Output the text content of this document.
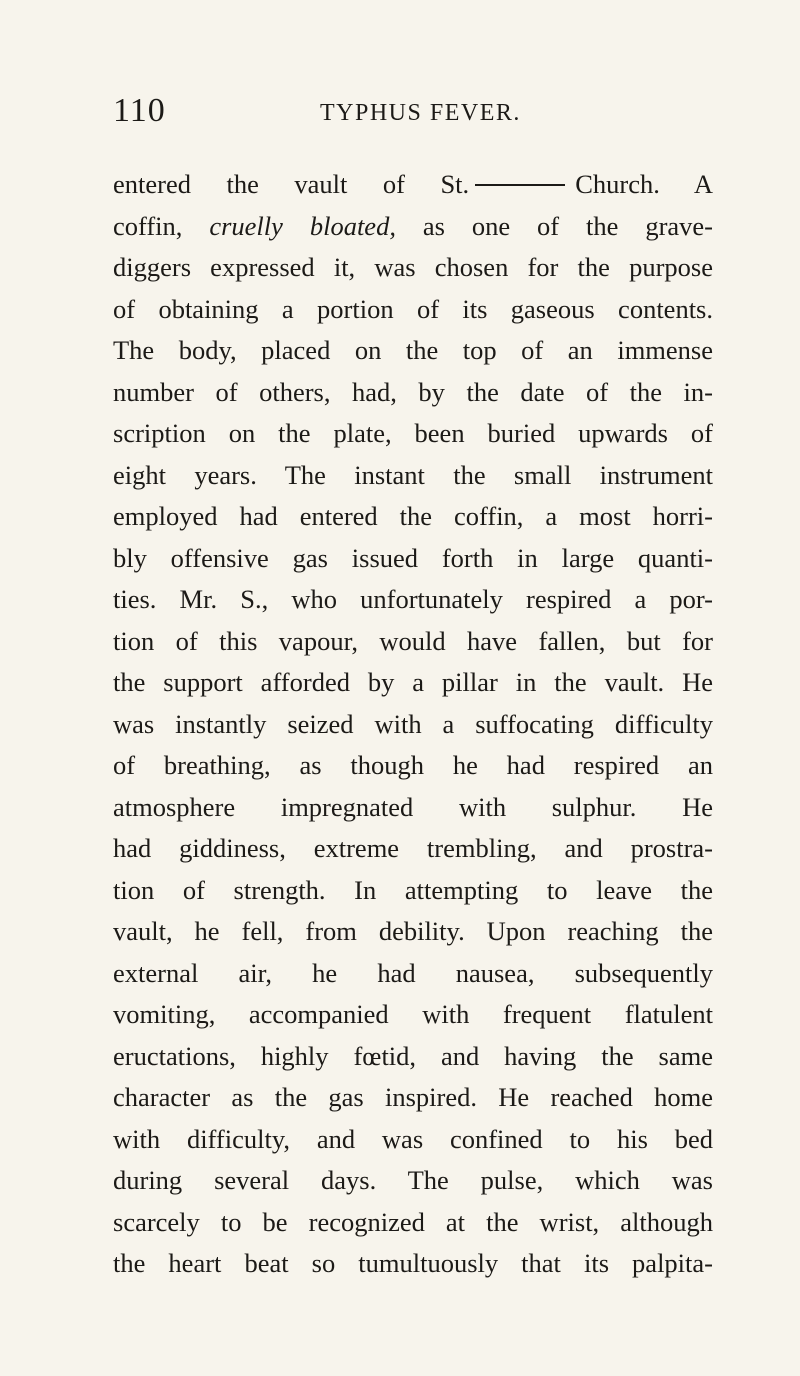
110	TYPHUS FEVER.
entered the vault of St.	Church. A
coffin, cruelly bloated, as one of the grave-
diggers expressed it, was chosen for the purpose
of obtaining a portion of its gaseous contents.
The body, placed on the top of an immense
number of others, had, by the date of the in-
scription on the plate, been buried upwards of
eight years. The instant the small instrument
employed had entered the coffin, a most horri-
bly offensive gas issued forth in large quanti-
ties. Mr. S., who unfortunately respired a por-
tion of this vapour, would have fallen, but for
the support afforded by a pillar in the vault. He
was instantly seized with a suffocating difficulty
of breathing, as though he had respired an
atmosphere impregnated with sulphur. He
had giddiness, extreme trembling, and prostra-
tion of strength. In attempting to leave the
vault, he fell, from debility. Upon reaching the
external air, he had nausea, subsequently
vomiting, accompanied with frequent flatulent
eructations, highly fœtid, and having the same
character as the gas inspired. He reached home
with difficulty, and was confined to his bed
during several days. The pulse, which was
scarcely to be recognized at the wrist, although
the heart beat so tumultuously that its palpita-
